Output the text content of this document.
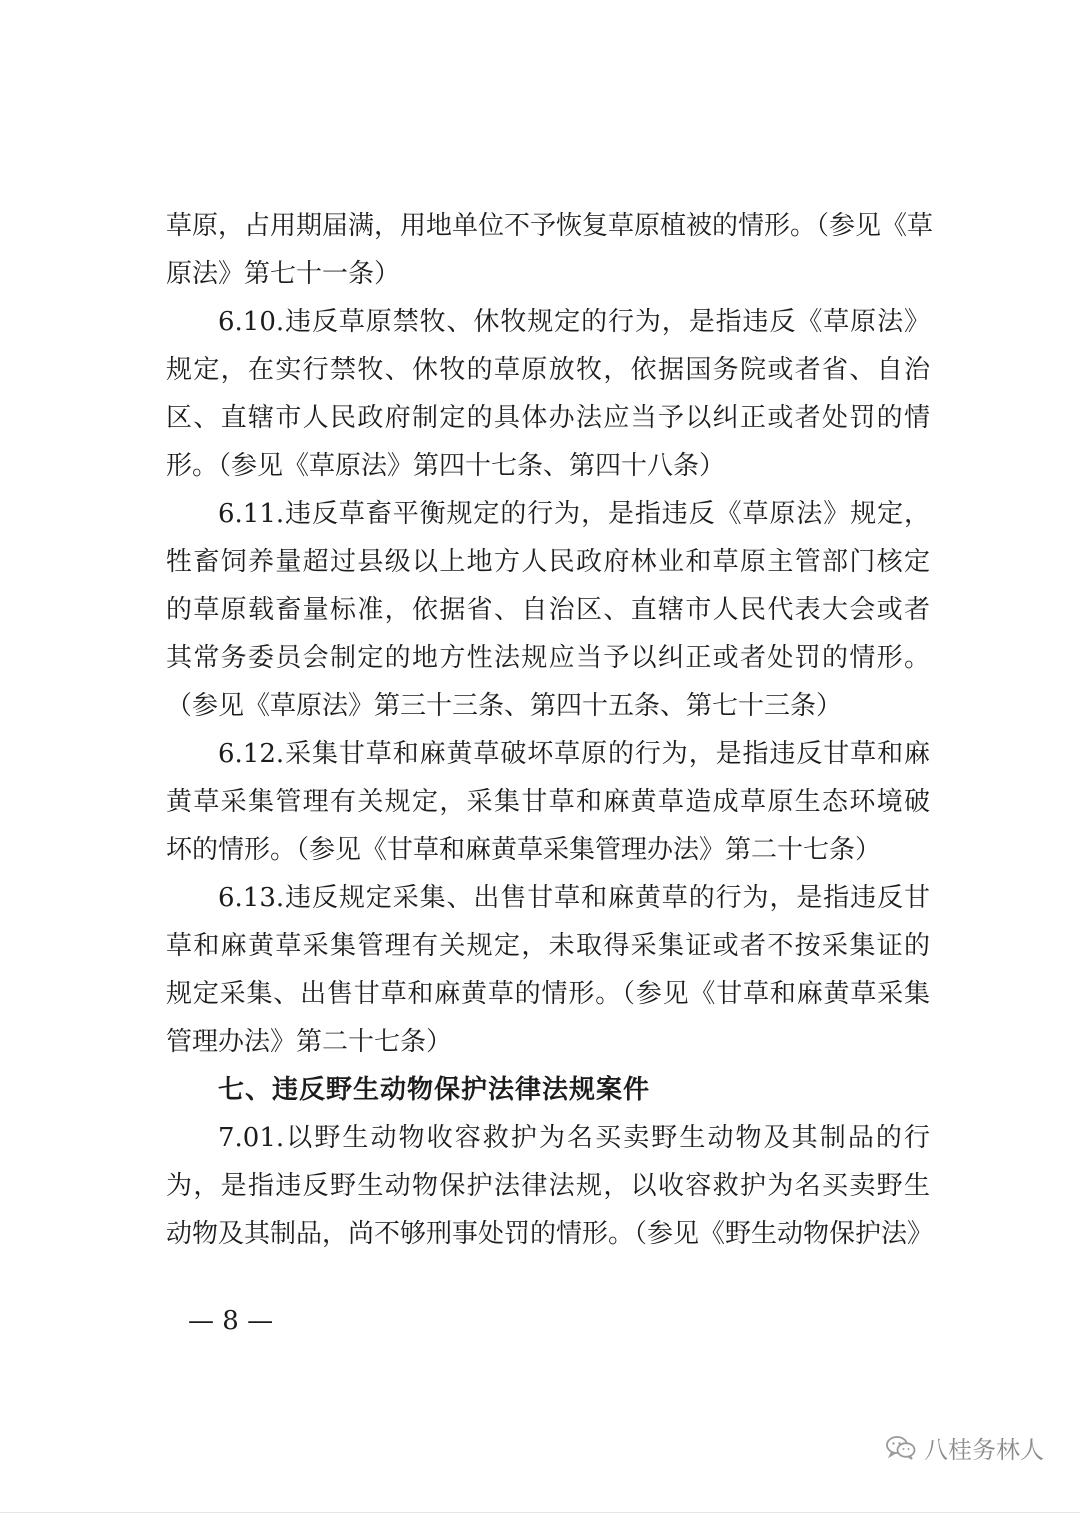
草原，占用期届满，用地单位不予恢复草原植被的情形。（参见《草
原法》第七十一条）
6.10.违反草原禁牧、休牧规定的行为，是指违反《草原法》
规定，在实行禁牧、休牧的草原放牧，依据国务院或者省、自治
区、直辖市人民政府制定的具体办法应当予以纠正或者处罚的情
形。（参见《草原法》第四十七条、第四十八条）
6.11.违反草畜平衡规定的行为，是指违反《草原法》规定，
牲畜饲养量超过县级以上地方人民政府林业和草原主管部门核定
的草原载畜量标准，依据省、自治区、直辖市人民代表大会或者
其常务委员会制定的地方性法规应当予以纠正或者处罚的情形。
（参见《草原法》第三十三条、第四十五条、第七十三条）
6.12.采集甘草和麻黄草破坏草原的行为，是指违反甘草和麻
黄草采集管理有关规定，采集甘草和麻黄草造成草原生态环境破
坏的情形。（参见《甘草和麻黄草采集管理办法》第二十七条）
6.13.违反规定采集、出售甘草和麻黄草的行为，是指违反甘
草和麻黄草采集管理有关规定，未取得采集证或者不按采集证的
规定采集、出售甘草和麻黄草的情形。（参见《甘草和麻黄草采集
管理办法》第二十七条）
七、违反野生动物保护法律法规案件
7.01.以野生动物收容救护为名买卖野生动物及其制品的行
为，是指违反野生动物保护法律法规，以收容救护为名买卖野生
动物及其制品，尚不够刑事处罚的情形。（参见《野生动物保护法》
— 8 —
八桂务林人
